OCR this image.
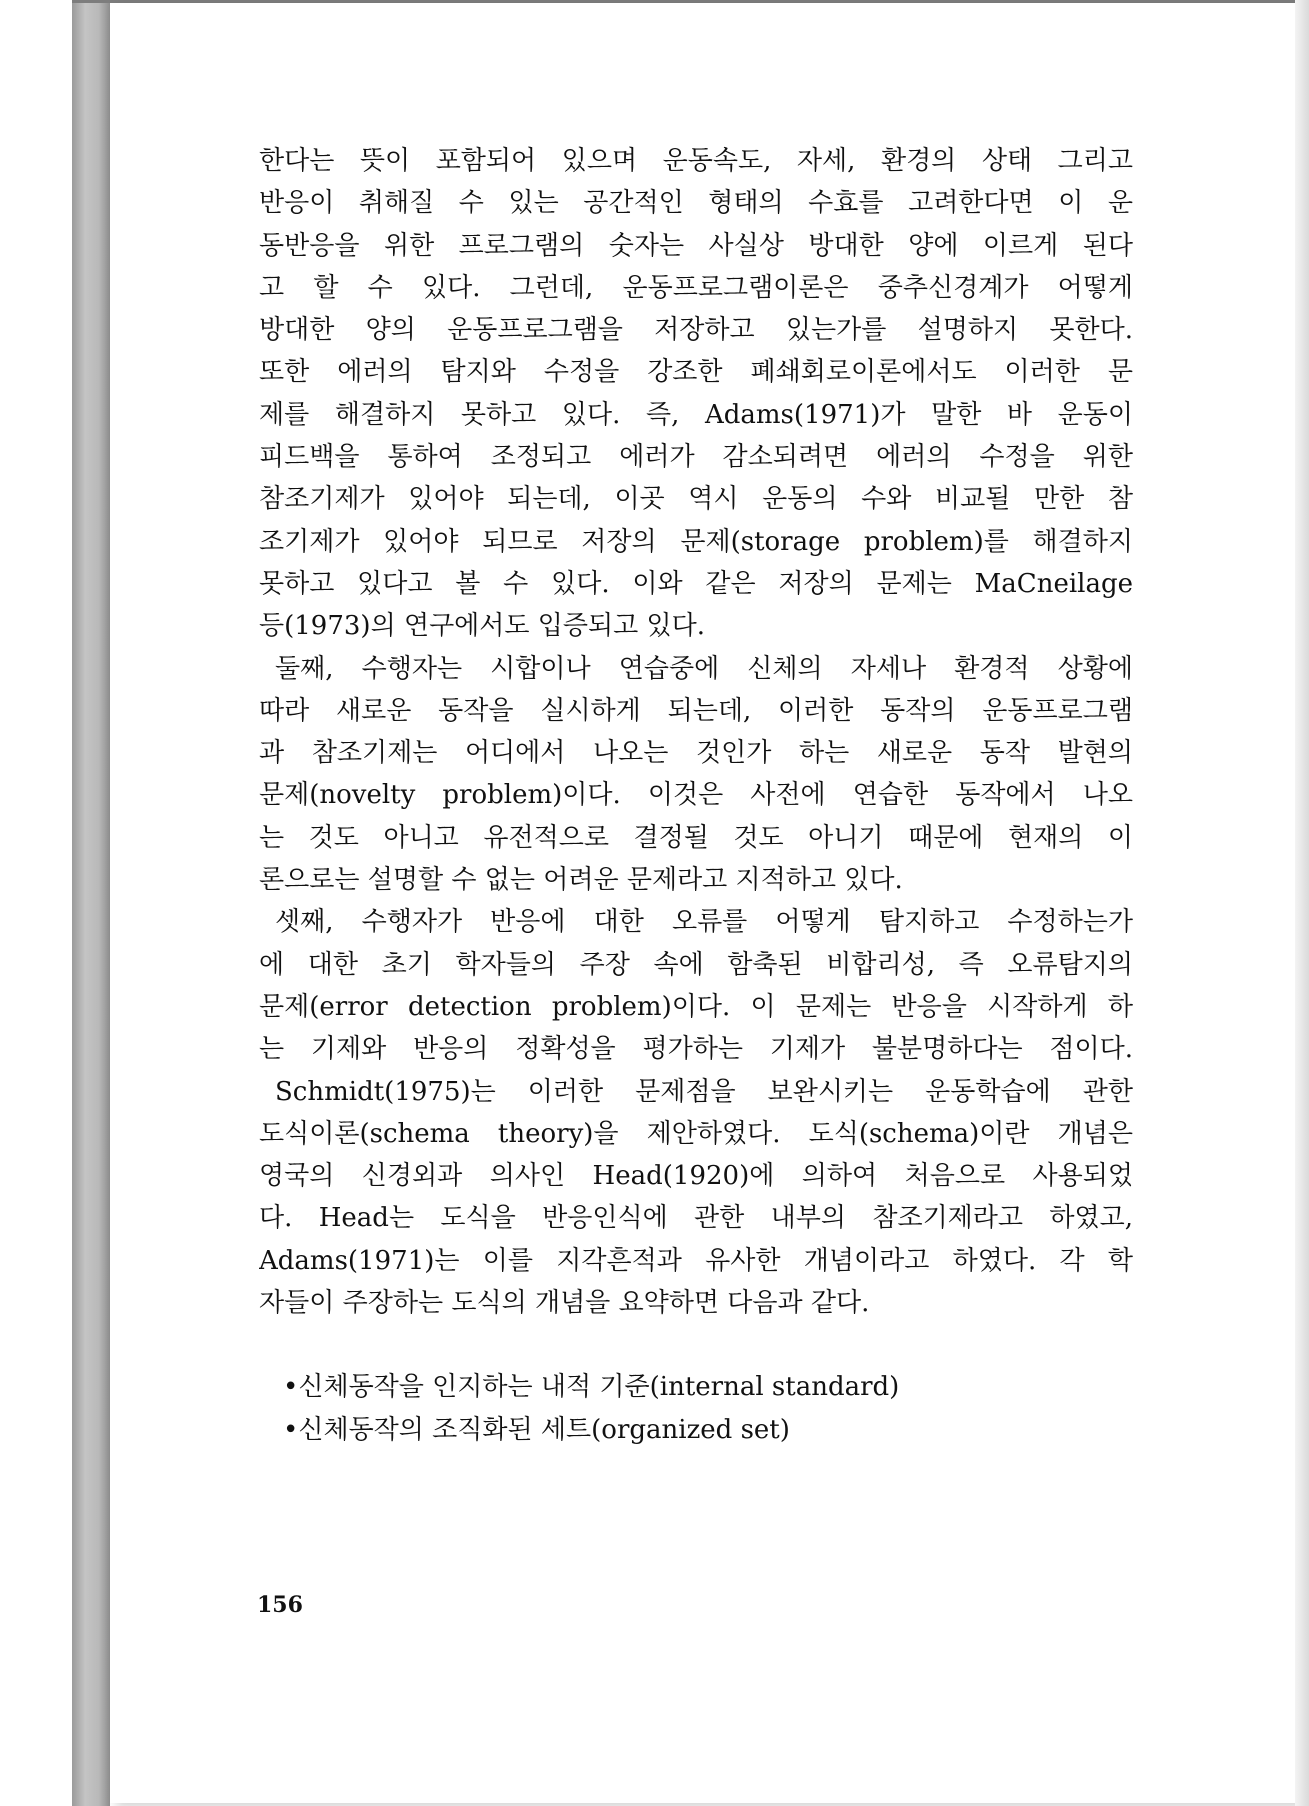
한다는 뜻이 포함되어 있으며 운동속도, 자세, 환경의 상태 그리고
반응이 취해질 수 있는 공간적인 형태의 수효를 고려한다면 이 운
동반응을 위한 프로그램의 숫자는 사실상 방대한 양에 이르게 된다
고 할 수 있다. 그런데, 운동프로그램이론은 중추신경계가 어떻게
방대한 양의 운동프로그램을 저장하고 있는가를 설명하지 못한다.
또한 에러의 탐지와 수정을 강조한 폐쇄회로이론에서도 이러한 문
제를 해결하지 못하고 있다. 즉, Adams(1971)가 말한 바 운동이
피드백을 통하여 조정되고 에러가 감소되려면 에러의 수정을 위한
참조기제가 있어야 되는데, 이곳 역시 운동의 수와 비교될 만한 참
조기제가 있어야 되므로 저장의 문제(storage problem)를 해결하지
못하고 있다고 볼 수 있다. 이와 같은 저장의 문제는 MaCneilage
등(1973)의 연구에서도 입증되고 있다.
둘째, 수행자는 시합이나 연습중에 신체의 자세나 환경적 상황에
따라 새로운 동작을 실시하게 되는데, 이러한 동작의 운동프로그램
과 참조기제는 어디에서 나오는 것인가 하는 새로운 동작 발현의
문제(novelty problem)이다. 이것은 사전에 연습한 동작에서 나오
는 것도 아니고 유전적으로 결정될 것도 아니기 때문에 현재의 이
론으로는 설명할 수 없는 어려운 문제라고 지적하고 있다.
셋째, 수행자가 반응에 대한 오류를 어떻게 탐지하고 수정하는가
에 대한 초기 학자들의 주장 속에 함축된 비합리성, 즉 오류탐지의
문제(error detection problem)이다. 이 문제는 반응을 시작하게 하
는 기제와 반응의 정확성을 평가하는 기제가 불분명하다는 점이다.
Schmidt(1975)는 이러한 문제점을 보완시키는 운동학습에 관한
도식이론(schema theory)을 제안하였다. 도식(schema)이란 개념은
영국의 신경외과 의사인 Head(1920)에 의하여 처음으로 사용되었
다. Head는 도식을 반응인식에 관한 내부의 참조기제라고 하였고,
Adams(1971)는 이를 지각흔적과 유사한 개념이라고 하였다. 각 학
자들이 주장하는 도식의 개념을 요약하면 다음과 같다.
•신체동작을 인지하는 내적 기준(internal standard)
•신체동작의 조직화된 세트(organized set)
156
